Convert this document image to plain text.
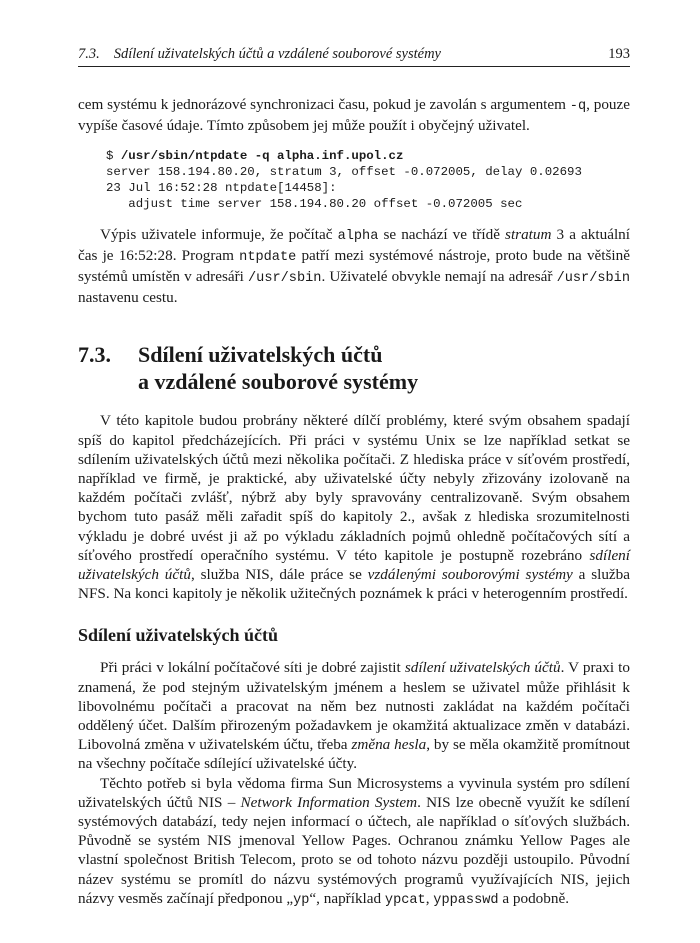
7.3. Sdílení uživatelských účtů a vzdálené souborové systémy	193

cem systému k jednorázové synchronizaci času, pokud je zavolán s argumentem -q, pouze vypíše časové údaje. Tímto způsobem jej může použít i obyčejný uživatel.

$ /usr/sbin/ntpdate -q alpha.inf.upol.cz
server 158.194.80.20, stratum 3, offset -0.072005, delay 0.02693
23 Jul 16:52:28 ntpdate[14458]:
adjust time server 158.194.80.20 offset -0.072005 sec

Výpis uživatele informuje, že počítač alpha se nachází ve třídě stratum 3 a aktuální čas je 16:52:28. Program ntpdate patří mezi systémové nástroje, proto bude na většině systémů umístěn v adresáři /usr/sbin. Uživatelé obvykle nemají na adresář /usr/sbin nastavenu cestu.

7.3.	Sdílení uživatelských účtů
a vzdálené souborové systémy

V této kapitole budou probrány některé dílčí problémy, které svým obsahem spadají spíš do kapitol předcházejících. Při práci v systému Unix se lze například setkat se sdílením uživatelských účtů mezi několika počítači. Z hlediska práce v síťovém prostředí, například ve firmě, je praktické, aby uživatelské účty nebyly zřizovány izolovaně na každém počítači zvlášť, nýbrž aby byly spravovány centralizovaně. Svým obsahem bychom tuto pasáž měli zařadit spíš do kapitoly 2., avšak z hlediska srozumitelnosti výkladu je dobré uvést ji až po výkladu základních pojmů ohledně počítačových sítí a síťového prostředí operačního systému. V této kapitole je postupně rozebráno sdílení uživatelských účtů, služba NIS, dále práce se vzdálenými souborovými systémy a služba NFS. Na konci kapitoly je několik užitečných poznámek k práci v heterogenním prostředí.

Sdílení uživatelských účtů

Při práci v lokální počítačové síti je dobré zajistit sdílení uživatelských účtů. V praxi to znamená, že pod stejným uživatelským jménem a heslem se uživatel může přihlásit k libovolnému počítači a pracovat na něm bez nutnosti zakládat na každém počítači oddělený účet. Dalším přirozeným požadavkem je okamžitá aktualizace změn v databázi. Libovolná změna v uživatelském účtu, třeba změna hesla, by se měla okamžitě promítnout na všechny počítače sdílející uživatelské účty.

Těchto potřeb si byla vědoma firma Sun Microsystems a vyvinula systém pro sdílení uživatelských účtů NIS – Network Information System. NIS lze obecně využít ke sdílení systémových databází, tedy nejen informací o účtech, ale například o síťových službách. Původně se systém NIS jmenoval Yellow Pages. Ochranou známku Yellow Pages ale vlastní společnost British Telecom, proto se od tohoto názvu později ustoupilo. Původní název systému se promítl do názvu systémových programů využívajících NIS, jejich názvy vesměs začínají předponou „yp“, například ypcat, yppasswd a podobně.
